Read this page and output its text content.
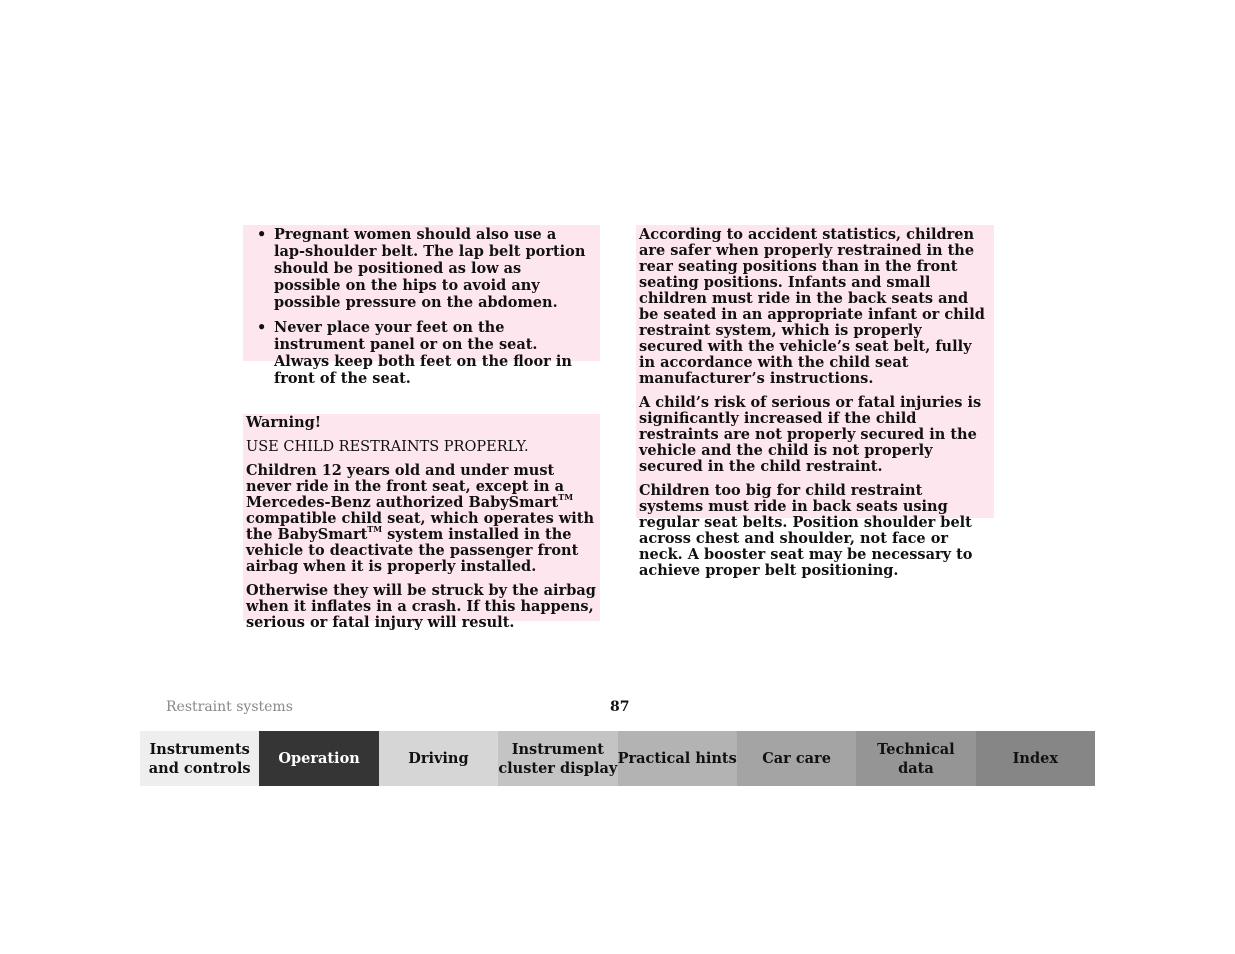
• Pregnant women should also use a lap-shoulder belt. The lap belt portion should be positioned as low as possible on the hips to avoid any possible pressure on the abdomen.
• Never place your feet on the instrument panel or on the seat. Always keep both feet on the floor in front of the seat.
Warning!
USE CHILD RESTRAINTS PROPERLY.
Children 12 years old and under must never ride in the front seat, except in a Mercedes-Benz authorized BabySmart™ compatible child seat, which operates with the BabySmart™ system installed in the vehicle to deactivate the passenger front airbag when it is properly installed.
Otherwise they will be struck by the airbag when it inflates in a crash. If this happens, serious or fatal injury will result.
According to accident statistics, children are safer when properly restrained in the rear seating positions than in the front seating positions. Infants and small children must ride in the back seats and be seated in an appropriate infant or child restraint system, which is properly secured with the vehicle’s seat belt, fully in accordance with the child seat manufacturer’s instructions.
A child’s risk of serious or fatal injuries is significantly increased if the child restraints are not properly secured in the vehicle and the child is not properly secured in the child restraint.
Children too big for child restraint systems must ride in back seats using regular seat belts. Position shoulder belt across chest and shoulder, not face or neck. A booster seat may be necessary to achieve proper belt positioning.
Restraint systems	87
Instruments
and controls
Operation	Driving
Instrument
cluster display
Practical hints Car care
Technical
data
Index
